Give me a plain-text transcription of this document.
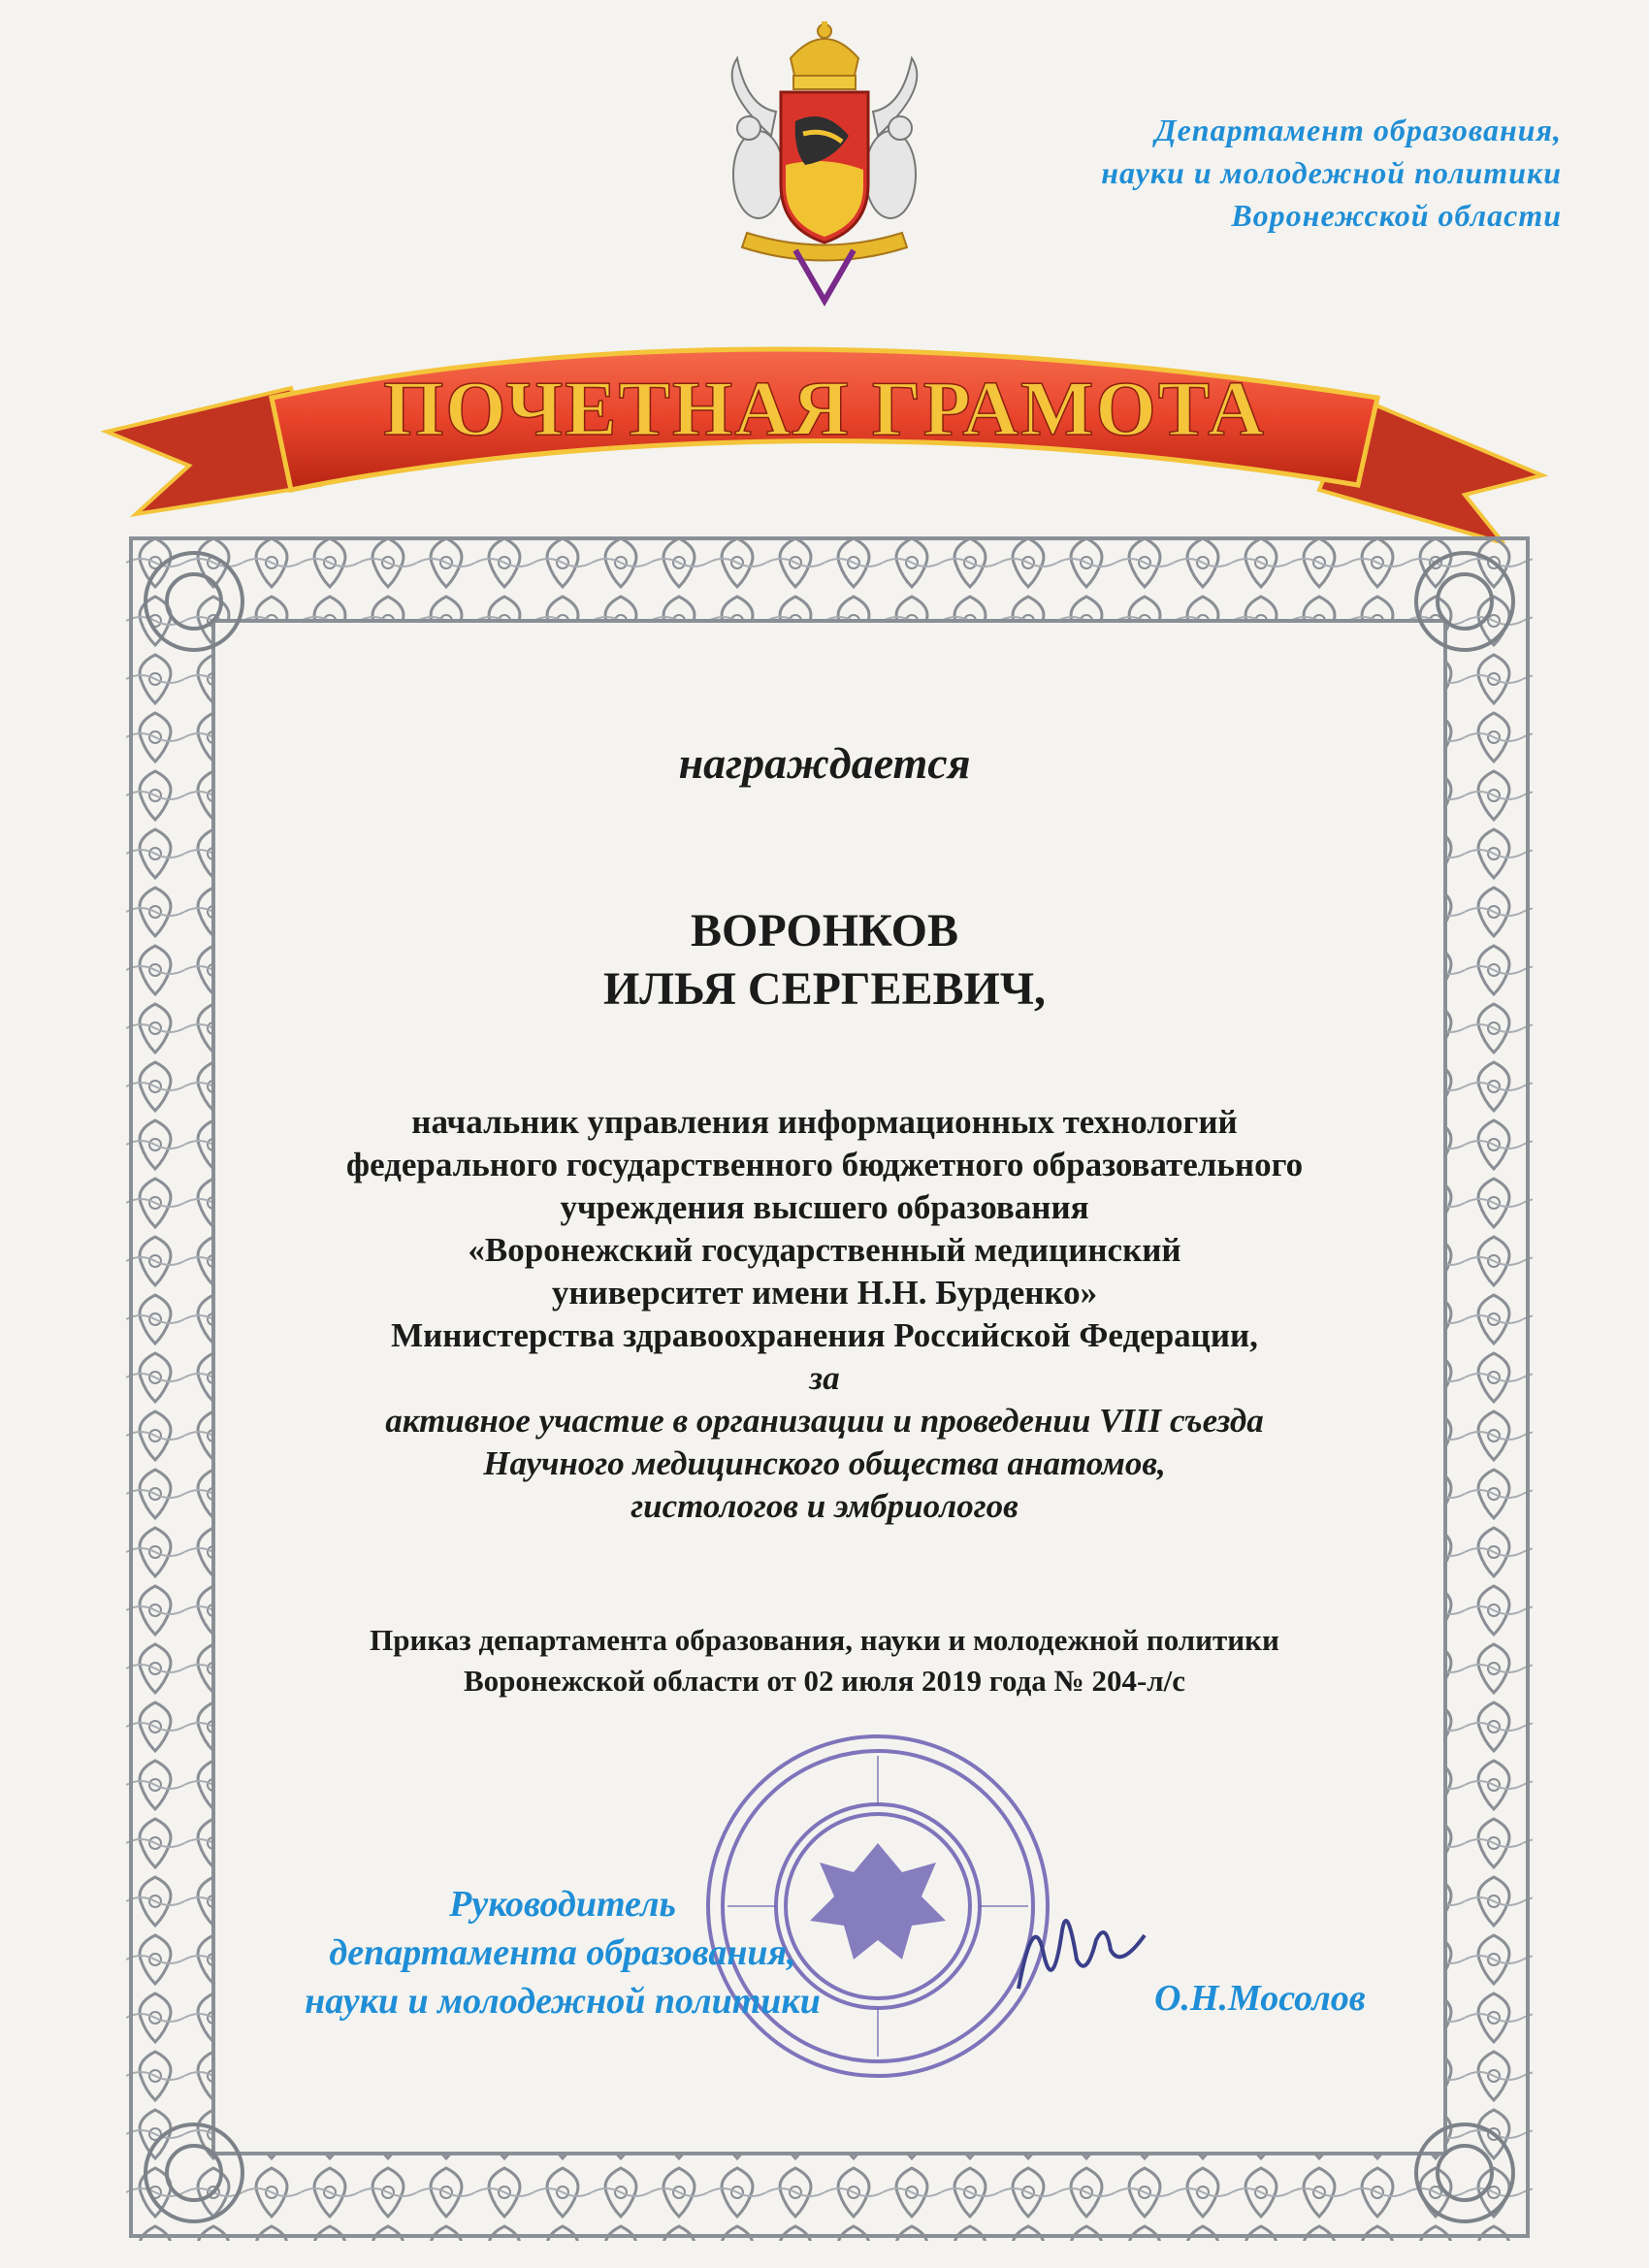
Департамент образования,
науки и молодежной политики
Воронежской области
ПОЧЕТНАЯ ГРАМОТА
награждается
ВОРОНКОВ
ИЛЬЯ СЕРГЕЕВИЧ,
начальник управления информационных технологий
федерального государственного бюджетного образовательного
учреждения высшего образования
«Воронежский государственный медицинский
университет имени Н.Н. Бурденко»
Министерства здравоохранения Российской Федерации,
за
активное участие в организации и проведении VIII съезда
Научного медицинского общества анатомов,
гистологов и эмбриологов
Приказ департамента образования, науки и молодежной политики
Воронежской области от 02 июля 2019 года № 204-л/с
Руководитель
департамента образования,
науки и молодежной политики	О.Н.Мосолов
